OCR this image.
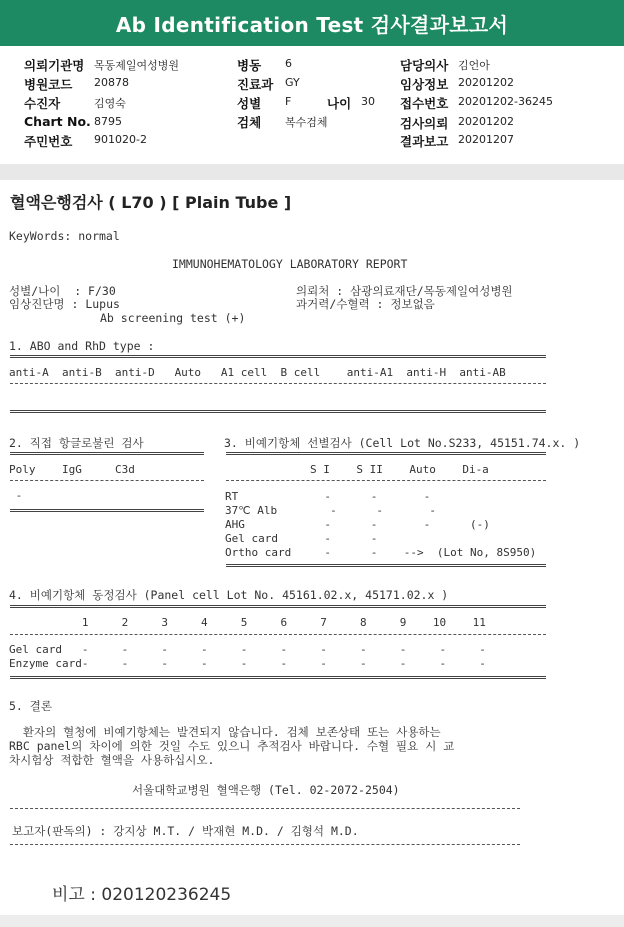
Ab Identification Test 검사결과보고서
의뢰기관명 목동제일여성병원
병원코드 20878
수진자	김영숙
Chart No. 8795
주민번호 901020-2
병동 6
진료과 GY
성별 F	나이 30
검체 복수검체
담당의사 김언아
임상정보 20201202
접수번호 20201202-36245
검사의뢰 20201202
결과보고 20201207
혈액은행검사 ( L70 ) [ Plain Tube ]
KeyWords: normal
IMMUNOHEMATOLOGY LABORATORY REPORT
성별/나이  : F/30
임상진단명 : Lupus
Ab screening test (+)
의뢰처 : 삼광의료재단/목동제일여성병원
과거력/수혈력 : 정보없음
1. ABO and RhD type :
anti-A  anti-B  anti-D   Auto   A1 cell  B cell    anti-A1  anti-H  anti-AB
2. 직접 항글로불린 검사
Poly    IgG     C3d
-
3. 비예기항체 선별검사 (Cell Lot No.S233, 45151.74.x. )
S I    S II    Auto    Di-a
RT             -      -       -
37℃ Alb        -      -       -
AHG            -      -       -      (-)
Gel card       -      -
Ortho card     -      -    -->  (Lot No, 8S950)
4. 비예기항체 동정검사 (Panel cell Lot No. 45161.02.x, 45171.02.x )
1     2     3     4     5     6     7     8     9    10    11
Gel card   -     -     -     -     -     -     -     -     -     -     -
Enzyme card-     -     -     -     -     -     -     -     -     -     -
5. 결론
환자의 혈청에 비예기항체는 발견되지 않습니다. 검체 보존상태 또는 사용하는
RBC panel의 차이에 의한 것일 수도 있으니 추적검사 바랍니다. 수혈 필요 시 교
차시험상 적합한 혈액을 사용하십시오.
서울대학교병원 혈액은행 (Tel. 02-2072-2504)
보고자(판독의) : 강지상 M.T. / 박재현 M.D. / 김형석 M.D.
비고 : 020120236245
